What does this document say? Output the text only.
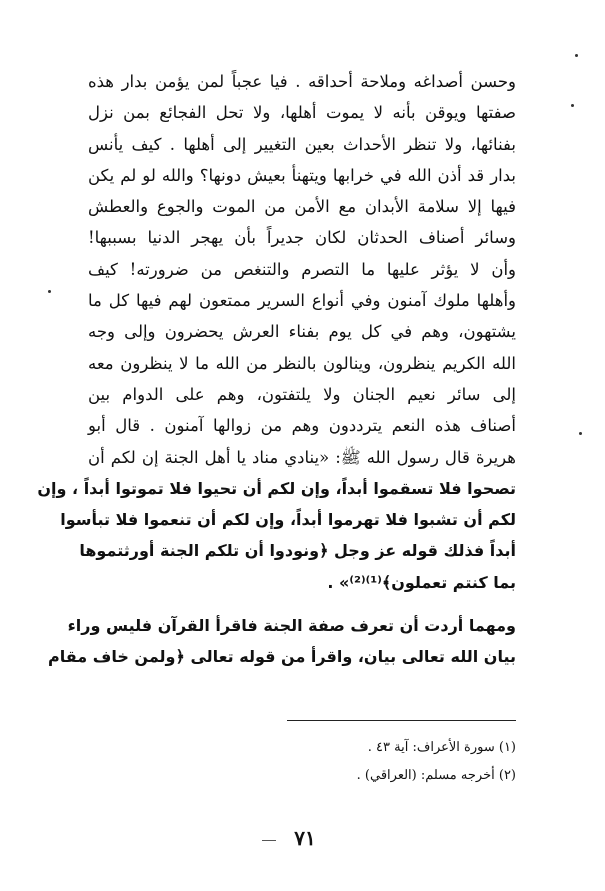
وحسن أصداغه وملاحة أحداقه . فيا عجباً لمن يؤمن بدار هذه
صفتها ويوقن بأنه لا يموت أهلها، ولا تحل الفجائع بمن نزل
بفنائها، ولا تنظر الأحداث بعين التغيير إلى أهلها . كيف يأنس
بدار قد أذن الله في خرابها ويتهنأ بعيش دونها؟ والله لو لم يكن
فيها إلا سلامة الأبدان مع الأمن من الموت والجوع والعطش
وسائر أصناف الحدثان لكان جديراً بأن يهجر الدنيا بسببها!
وأن لا يؤثر عليها ما التصرم والتنغص من ضرورته! كيف
وأهلها ملوك آمنون وفي أنواع السرير ممتعون لهم فيها كل ما
يشتهون، وهم في كل يوم بفناء العرش يحضرون وإلى وجه
الله الكريم ينظرون، وينالون بالنظر من الله ما لا ينظرون معه
إلى سائر نعيم الجنان ولا يلتفتون، وهم على الدوام بين
أصناف هذه النعم يترددون وهم من زوالها آمنون . قال أبو
هريرة قال رسول الله ﷺ: «ينادي مناد يا أهل الجنة إن لكم أن
تصحوا فلا تسقموا أبداً، وإن لكم أن تحيوا فلا تموتوا أبداً ، وإن
لكم أن تشبوا فلا تهرموا أبداً، وإن لكم أن تنعموا فلا تبأسوا
أبداً فذلك قوله عز وجل ﴿ونودوا أن تلكم الجنة أورثتموها
بما كنتم تعملون﴾⁽¹⁾⁽²⁾» .
ومهما أردت أن تعرف صفة الجنة فاقرأ القرآن فليس وراء
بيان الله تعالى بيان، واقرأ من قوله تعالى ﴿ولمن خاف مقام
(١) سورة الأعراف: آية ٤٣ .
(٢) أخرجه مسلم: (العراقي) .
٧١
